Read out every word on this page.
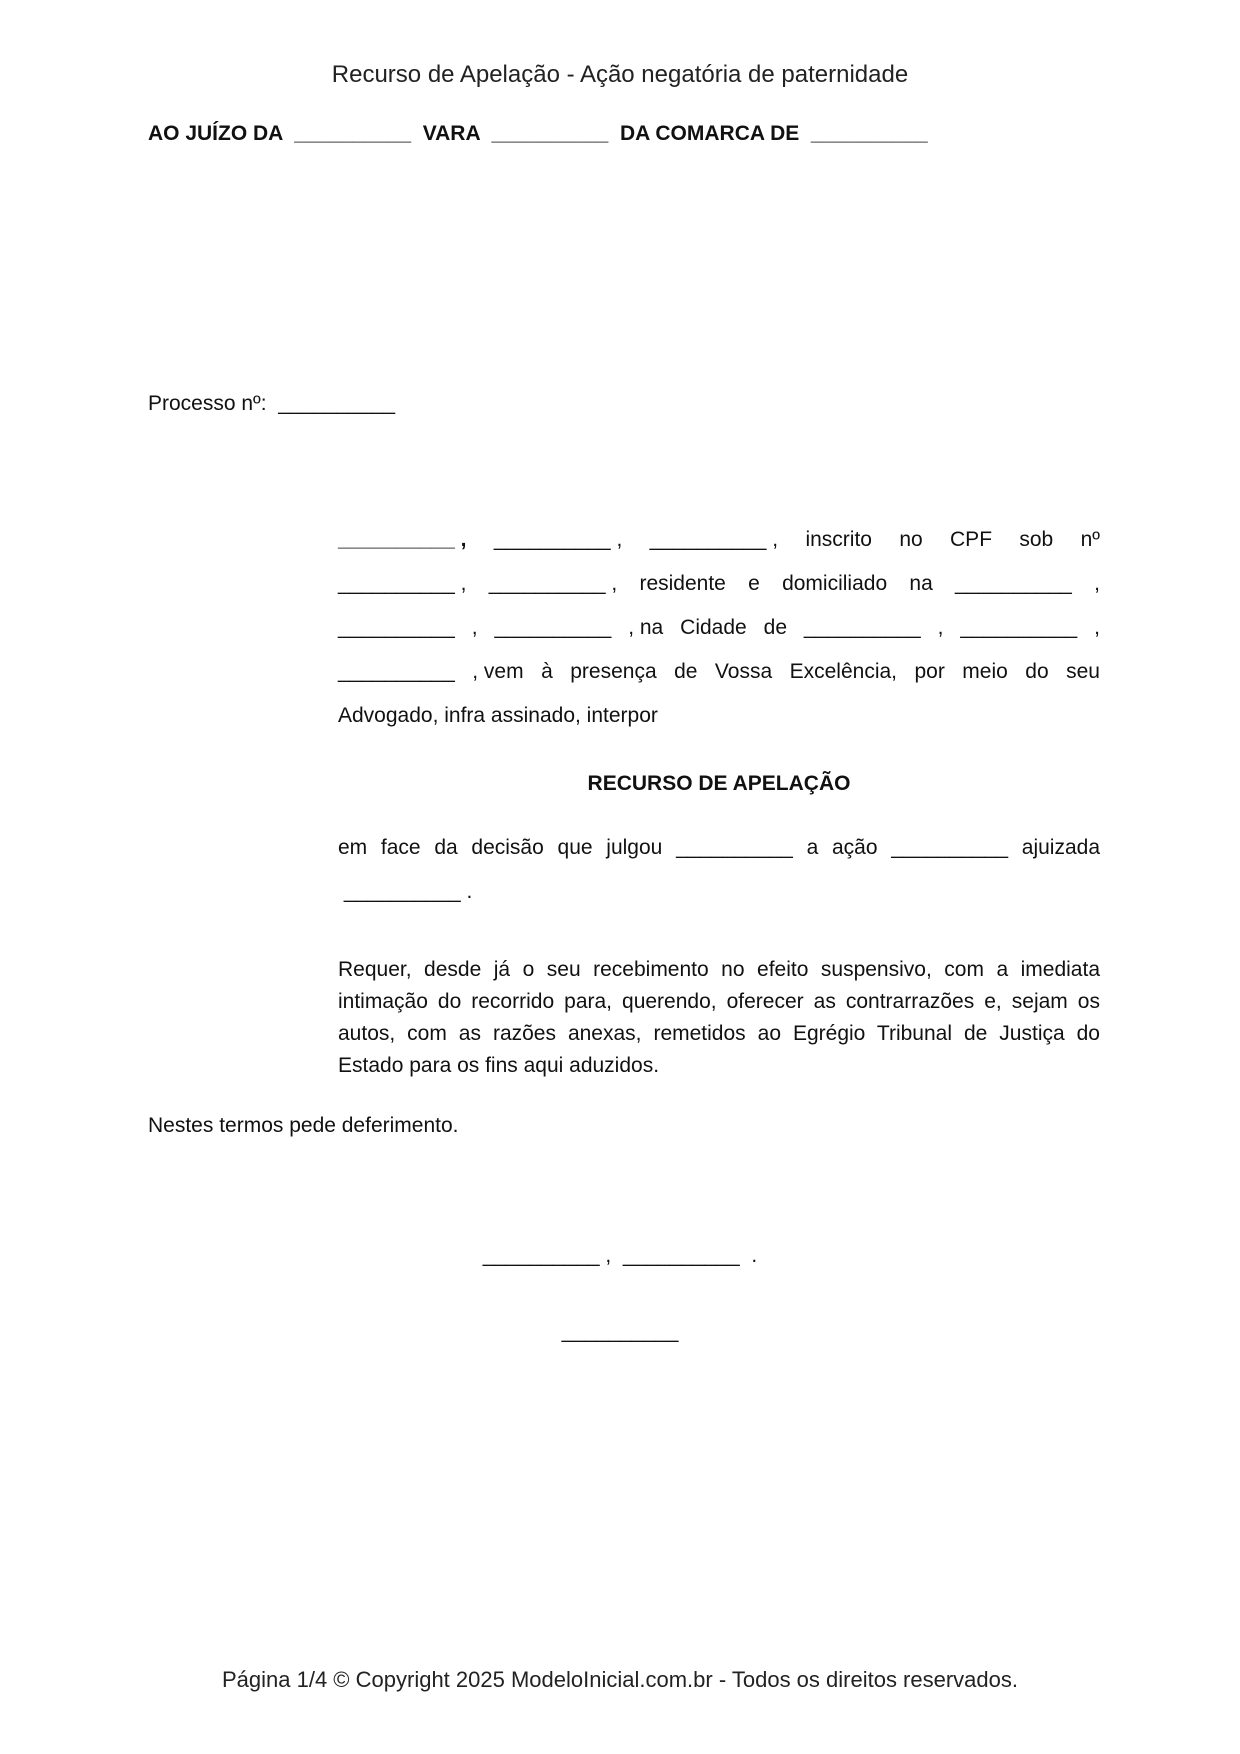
Recurso de Apelação - Ação negatória de paternidade
AO JUÍZO DA  __________  VARA  __________  DA COMARCA DE  __________
Processo nº:  __________
__________ , __________ , __________ , inscrito no CPF sob nº
__________ , __________ , residente e domiciliado na __________ ,
__________ , __________ , na Cidade de __________ , __________ ,
__________ , vem à presença de Vossa Excelência, por meio do seu
Advogado, infra assinado, interpor
RECURSO DE APELAÇÃO
em face da decisão que julgou __________ a ação __________ ajuizada
__________ .
Requer, desde já o seu recebimento no efeito suspensivo, com a imediata intimação do recorrido para, querendo, oferecer as contrarrazões e, sejam os autos, com as razões anexas, remetidos ao Egrégio Tribunal de Justiça do Estado para os fins aqui aduzidos.
Nestes termos pede deferimento.
__________ ,  __________  .
__________
Página 1/4 © Copyright 2025 ModeloInicial.com.br - Todos os direitos reservados.
